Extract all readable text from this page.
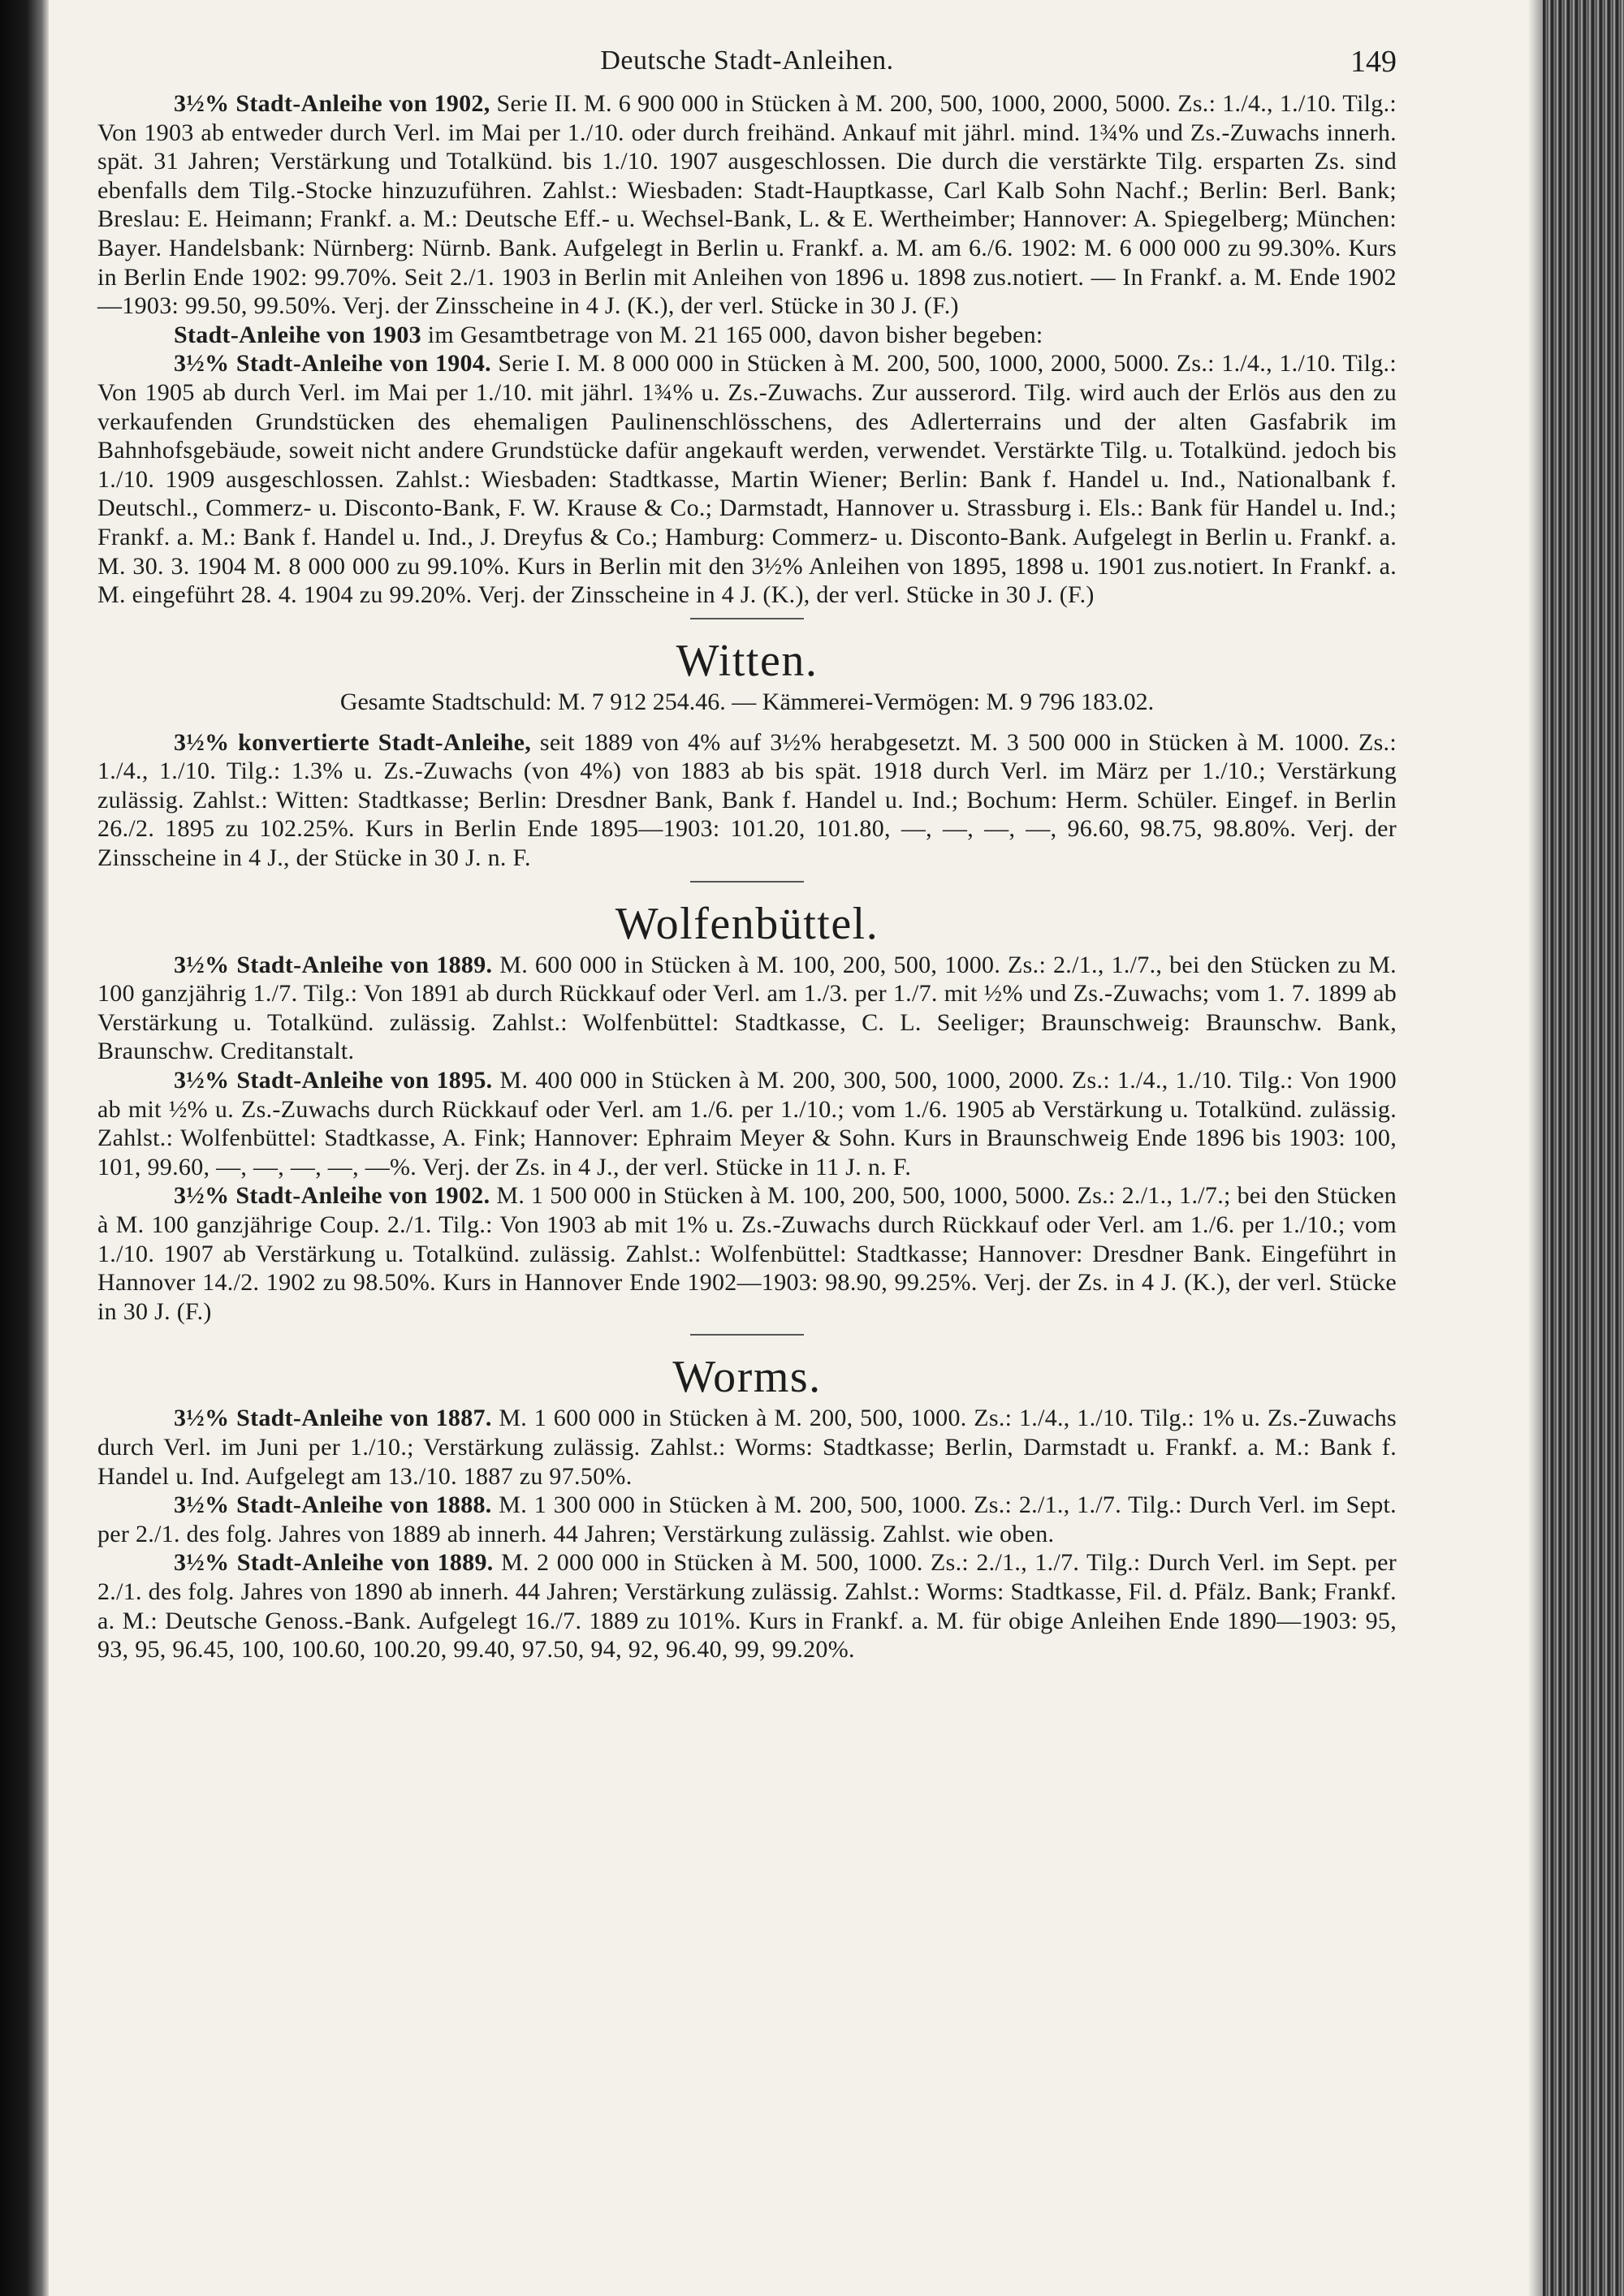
Deutsche Stadt-Anleihen.	149

3½% Stadt-Anleihe von 1902, Serie II. M. 6 900 000 in Stücken à M. 200, 500, 1000, 2000, 5000. Zs.: 1./4., 1./10. Tilg.: Von 1903 ab entweder durch Verl. im Mai per 1./10. oder durch freihänd. Ankauf mit jährl. mind. 1¾% und Zs.-Zuwachs innerh. spät. 31 Jahren; Verstärkung und Totalkünd. bis 1./10. 1907 ausgeschlossen. Die durch die verstärkte Tilg. ersparten Zs. sind ebenfalls dem Tilg.-Stocke hinzuzuführen. Zahlst.: Wiesbaden: Stadt-Hauptkasse, Carl Kalb Sohn Nachf.; Berlin: Berl. Bank; Breslau: E. Heimann; Frankf. a. M.: Deutsche Eff.- u. Wechsel-Bank, L. & E. Wertheimber; Hannover: A. Spiegelberg; München: Bayer. Handelsbank: Nürnberg: Nürnb. Bank. Aufgelegt in Berlin u. Frankf. a. M. am 6./6. 1902: M. 6 000 000 zu 99.30%. Kurs in Berlin Ende 1902: 99.70%. Seit 2./1. 1903 in Berlin mit Anleihen von 1896 u. 1898 zus.notiert. — In Frankf. a. M. Ende 1902—1903: 99.50, 99.50%. Verj. der Zinsscheine in 4 J. (K.), der verl. Stücke in 30 J. (F.)

Stadt-Anleihe von 1903 im Gesamtbetrage von M. 21 165 000, davon bisher begeben:

3½% Stadt-Anleihe von 1904. Serie I. M. 8 000 000 in Stücken à M. 200, 500, 1000, 2000, 5000. Zs.: 1./4., 1./10. Tilg.: Von 1905 ab durch Verl. im Mai per 1./10. mit jährl. 1¾% u. Zs.-Zuwachs. Zur ausserord. Tilg. wird auch der Erlös aus den zu verkaufenden Grundstücken des ehemaligen Paulinenschlösschens, des Adlerterrains und der alten Gasfabrik im Bahnhofsgebäude, soweit nicht andere Grundstücke dafür angekauft werden, verwendet. Verstärkte Tilg. u. Totalkünd. jedoch bis 1./10. 1909 ausgeschlossen. Zahlst.: Wiesbaden: Stadtkasse, Martin Wiener; Berlin: Bank f. Handel u. Ind., Nationalbank f. Deutschl., Commerz- u. Disconto-Bank, F. W. Krause & Co.; Darmstadt, Hannover u. Strassburg i. Els.: Bank für Handel u. Ind.; Frankf. a. M.: Bank f. Handel u. Ind., J. Dreyfus & Co.; Hamburg: Commerz- u. Disconto-Bank. Aufgelegt in Berlin u. Frankf. a. M. 30. 3. 1904 M. 8 000 000 zu 99.10%. Kurs in Berlin mit den 3½% Anleihen von 1895, 1898 u. 1901 zus.notiert. In Frankf. a. M. eingeführt 28. 4. 1904 zu 99.20%. Verj. der Zinsscheine in 4 J. (K.), der verl. Stücke in 30 J. (F.)

Witten.
Gesamte Stadtschuld: M. 7 912 254.46. — Kämmerei-Vermögen: M. 9 796 183.02.

3½% konvertierte Stadt-Anleihe, seit 1889 von 4% auf 3½% herabgesetzt. M. 3 500 000 in Stücken à M. 1000. Zs.: 1./4., 1./10. Tilg.: 1.3% u. Zs.-Zuwachs (von 4%) von 1883 ab bis spät. 1918 durch Verl. im März per 1./10.; Verstärkung zulässig. Zahlst.: Witten: Stadtkasse; Berlin: Dresdner Bank, Bank f. Handel u. Ind.; Bochum: Herm. Schüler. Eingef. in Berlin 26./2. 1895 zu 102.25%. Kurs in Berlin Ende 1895—1903: 101.20, 101.80, —, —, —, —, 96.60, 98.75, 98.80%. Verj. der Zinsscheine in 4 J., der Stücke in 30 J. n. F.

Wolfenbüttel.

3½% Stadt-Anleihe von 1889. M. 600 000 in Stücken à M. 100, 200, 500, 1000. Zs.: 2./1., 1./7., bei den Stücken zu M. 100 ganzjährig 1./7. Tilg.: Von 1891 ab durch Rückkauf oder Verl. am 1./3. per 1./7. mit ½% und Zs.-Zuwachs; vom 1. 7. 1899 ab Verstärkung u. Totalkünd. zulässig. Zahlst.: Wolfenbüttel: Stadtkasse, C. L. Seeliger; Braunschweig: Braunschw. Bank, Braunschw. Creditanstalt.

3½% Stadt-Anleihe von 1895. M. 400 000 in Stücken à M. 200, 300, 500, 1000, 2000. Zs.: 1./4., 1./10. Tilg.: Von 1900 ab mit ½% u. Zs.-Zuwachs durch Rückkauf oder Verl. am 1./6. per 1./10.; vom 1./6. 1905 ab Verstärkung u. Totalkünd. zulässig. Zahlst.: Wolfenbüttel: Stadtkasse, A. Fink; Hannover: Ephraim Meyer & Sohn. Kurs in Braunschweig Ende 1896 bis 1903: 100, 101, 99.60, —, —, —, —, —%. Verj. der Zs. in 4 J., der verl. Stücke in 11 J. n. F.

3½% Stadt-Anleihe von 1902. M. 1 500 000 in Stücken à M. 100, 200, 500, 1000, 5000. Zs.: 2./1., 1./7.; bei den Stücken à M. 100 ganzjährige Coup. 2./1. Tilg.: Von 1903 ab mit 1% u. Zs.-Zuwachs durch Rückkauf oder Verl. am 1./6. per 1./10.; vom 1./10. 1907 ab Verstärkung u. Totalkünd. zulässig. Zahlst.: Wolfenbüttel: Stadtkasse; Hannover: Dresdner Bank. Eingeführt in Hannover 14./2. 1902 zu 98.50%. Kurs in Hannover Ende 1902—1903: 98.90, 99.25%. Verj. der Zs. in 4 J. (K.), der verl. Stücke in 30 J. (F.)

Worms.

3½% Stadt-Anleihe von 1887. M. 1 600 000 in Stücken à M. 200, 500, 1000. Zs.: 1./4., 1./10. Tilg.: 1% u. Zs.-Zuwachs durch Verl. im Juni per 1./10.; Verstärkung zulässig. Zahlst.: Worms: Stadtkasse; Berlin, Darmstadt u. Frankf. a. M.: Bank f. Handel u. Ind. Aufgelegt am 13./10. 1887 zu 97.50%.

3½% Stadt-Anleihe von 1888. M. 1 300 000 in Stücken à M. 200, 500, 1000. Zs.: 2./1., 1./7. Tilg.: Durch Verl. im Sept. per 2./1. des folg. Jahres von 1889 ab innerh. 44 Jahren; Verstärkung zulässig. Zahlst. wie oben.

3½% Stadt-Anleihe von 1889. M. 2 000 000 in Stücken à M. 500, 1000. Zs.: 2./1., 1./7. Tilg.: Durch Verl. im Sept. per 2./1. des folg. Jahres von 1890 ab innerh. 44 Jahren; Verstärkung zulässig. Zahlst.: Worms: Stadtkasse, Fil. d. Pfälz. Bank; Frankf. a. M.: Deutsche Genoss.-Bank. Aufgelegt 16./7. 1889 zu 101%. Kurs in Frankf. a. M. für obige Anleihen Ende 1890—1903: 95, 93, 95, 96.45, 100, 100.60, 100.20, 99.40, 97.50, 94, 92, 96.40, 99, 99.20%.
